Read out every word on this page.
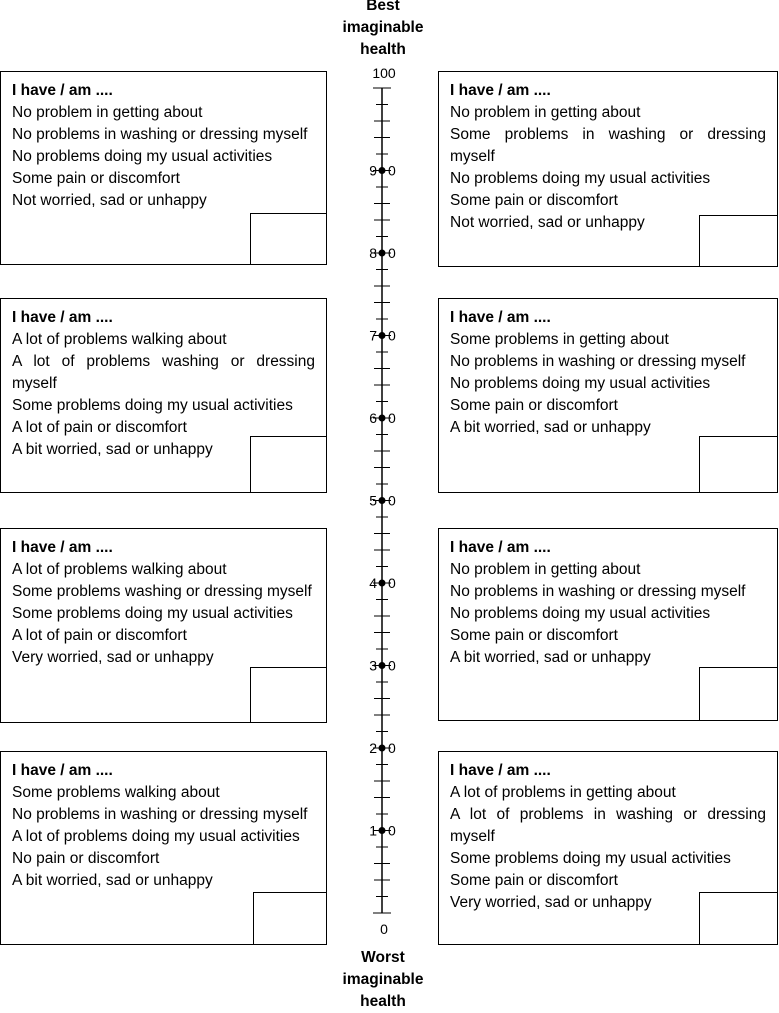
Best
imaginable
health
Worst
imaginable
health
100
0
9 0
8 0
7 0
6 0
5 0
4 0
3 0
2 0
1 0
I have / am ....
No problem in getting about
No problems in washing or dressing myself
No problems doing my usual activities
Some pain or discomfort
Not worried, sad or unhappy
I have / am ....
No problem in getting about
Some problems in washing or dressing myself
No problems doing my usual activities
Some pain or discomfort
Not worried, sad or unhappy
I have / am ....
A lot of problems walking about
A lot of problems washing or dressing myself
Some problems doing my usual activities
A lot of pain or discomfort
A bit worried, sad or unhappy
I have / am ....
Some problems in getting about
No problems in washing or dressing myself
No problems doing my usual activities
Some pain or discomfort
A bit worried, sad or unhappy
I have / am ....
A lot of problems walking about
Some problems washing or dressing myself
Some problems doing my usual activities
A lot of pain or discomfort
Very worried, sad or unhappy
I have / am ....
No problem in getting about
No problems in washing or dressing myself
No problems doing my usual activities
Some pain or discomfort
A bit worried, sad or unhappy
I have / am ....
Some problems walking about
No problems in washing or dressing myself
A lot of problems doing my usual activities
No pain or discomfort
A bit worried, sad or unhappy
I have / am ....
A lot of problems in getting about
A lot of problems in washing or dressing myself
Some problems doing my usual activities
Some pain or discomfort
Very worried, sad or unhappy
